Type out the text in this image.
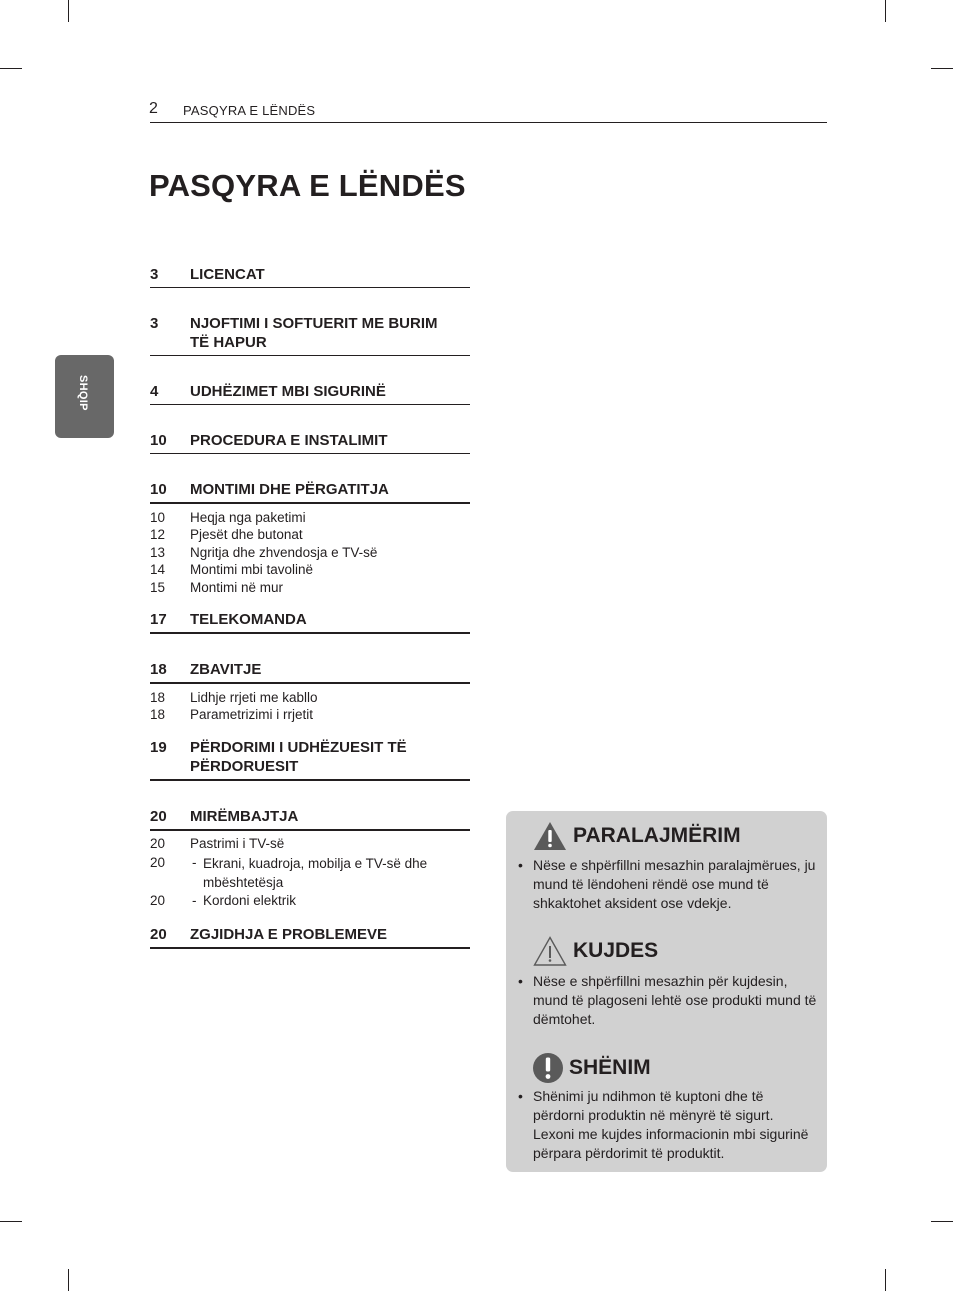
2 PASQYRA E LËNDËS
PASQYRA E LËNDËS
SHQIP
3 LICENCAT
3 NJOFTIMI I SOFTUERIT ME BURIM TË HAPUR
4 UDHËZIMET MBI SIGURINË
10 PROCEDURA E INSTALIMIT
10 MONTIMI DHE PËRGATITJA
10 Heqja nga paketimi
12 Pjesët dhe butonat
13 Ngritja dhe zhvendosja e TV-së
14 Montimi mbi tavolinë
15 Montimi në mur
17 TELEKOMANDA
18 ZBAVITJE
18 Lidhje rrjeti me kabllo
18 Parametrizimi i rrjetit
19 PËRDORIMI I UDHËZUESIT TË PËRDORUESIT
20 MIRËMBAJTJA
20 Pastrimi i TV-së
20 - Ekrani, kuadroja, mobilja e TV-së dhe mbështetësja
20 - Kordoni elektrik
20 ZGJIDHJA E PROBLEMEVE
PARALAJMËRIM
• Nëse e shpërfillni mesazhin paralajmërues, ju mund të lëndoheni rëndë ose mund të shkaktohet aksident ose vdekje.
KUJDES
• Nëse e shpërfillni mesazhin për kujdesin, mund të plagoseni lehtë ose produkti mund të dëmtohet.
SHËNIM
• Shënimi ju ndihmon të kuptoni dhe të përdorni produktin në mënyrë të sigurt. Lexoni me kujdes informacionin mbi sigurinë përpara përdorimit të produktit.
